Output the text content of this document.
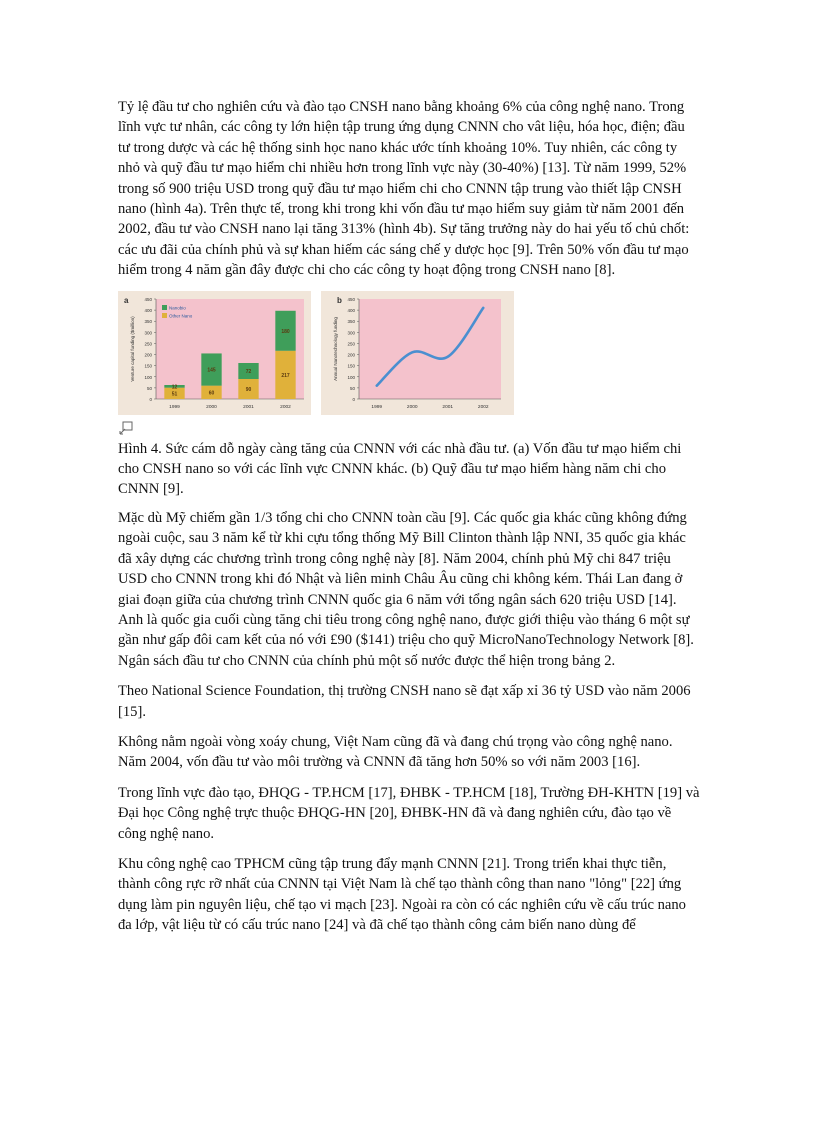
Tỷ lệ đầu tư cho nghiên cứu và đào tạo CNSH nano bằng khoảng 6% của công nghệ nano. Trong lĩnh vực tư nhân, các công ty lớn hiện tập trung ứng dụng CNNN cho vât liệu, hóa học, điện; đầu tư trong dược và các hệ thống sinh học nano khác ước tính khoảng 10%. Tuy nhiên, các công ty nhỏ và quỹ đầu tư mạo hiểm chi nhiều hơn trong lĩnh vực này (30-40%) [13]. Từ năm 1999, 52% trong số 900 triệu USD trong quỹ đầu tư mạo hiểm chi cho CNNN tập trung vào thiết lập CNSH nano (hình 4a). Trên thực tế, trong khi trong khi vốn đầu tư mạo hiểm suy giảm từ năm 2001 đến 2002, đầu tư vào CNSH nano lại tăng 313% (hình 4b). Sự tăng trưởng này do hai yếu tố chủ chốt: các ưu đãi của chính phủ và sự khan hiếm các sáng chế y dược học [9]. Trên 50% vốn đầu tư mạo hiểm trong 4 năm gần đây được chi cho các công ty hoạt động trong CNSH nano [8].

a
0
50
100
150
200
250
300
350
400
450
Venture capital funding ($million)
51
12
1999
60
145
2000
90
72
2001
217
180
2002
Nanobio
Other Nano
b
0
50
100
150
200
250
300
350
400
450
Annual Nanotechnology funding
1999	2000	2001	2002

Hình 4. Sức cám dỗ ngày càng tăng của CNNN với các nhà đầu tư. (a) Vốn đầu tư mạo hiểm chi cho CNSH nano so với các lĩnh vực CNNN khác. (b) Quỹ đầu tư mạo hiểm hàng năm chi cho CNNN [9].

Mặc dù Mỹ chiếm gần 1/3 tổng chi cho CNNN toàn cầu [9]. Các quốc gia khác cũng không đứng ngoài cuộc, sau 3 năm kể từ khi cựu tổng thống Mỹ Bill Clinton thành lập NNI, 35 quốc gia khác đã xây dựng các chương trình trong công nghệ này [8]. Năm 2004, chính phủ Mỹ chi 847 triệu USD cho CNNN trong khi đó Nhật và liên minh Châu Âu cũng chi không kém. Thái Lan đang ở giai đoạn giữa của chương trình CNNN quốc gia 6 năm với tổng ngân sách 620 triệu USD [14]. Anh là quốc gia cuối cùng tăng chi tiêu trong công nghệ nano, được giới thiệu vào tháng 6 một sự gần như gấp đôi cam kết của nó với £90 ($141) triệu cho quỹ MicroNanoTechnology Network [8]. Ngân sách đầu tư cho CNNN của chính phủ một số nước được thể hiện trong bảng 2.

Theo National Science Foundation, thị trường CNSH nano sẽ đạt xấp xỉ 36 tỷ USD vào năm 2006 [15].

Không nằm ngoài vòng xoáy chung, Việt Nam cũng đã và đang chú trọng vào công nghệ nano. Năm 2004, vốn đầu tư vào môi trường và CNNN đã tăng hơn 50% so với năm 2003 [16].

Trong lĩnh vực đào tạo, ĐHQG - TP.HCM [17], ĐHBK - TP.HCM [18], Trường ĐH-KHTN [19] và Đại học Công nghệ trực thuộc ĐHQG-HN [20], ĐHBK-HN đã và đang nghiên cứu, đào tạo về công nghệ nano.

Khu công nghệ cao TPHCM cũng tập trung đẩy mạnh CNNN [21]. Trong triển khai thực tiễn, thành công rực rỡ nhất của CNNN tại Việt Nam là chế tạo thành công than nano "lỏng" [22] ứng dụng làm pin nguyên liệu, chế tạo vi mạch [23]. Ngoài ra còn có các nghiên cứu về cấu trúc nano đa lớp, vật liệu từ có cấu trúc nano [24] và đã chế tạo thành công cảm biến nano dùng để
